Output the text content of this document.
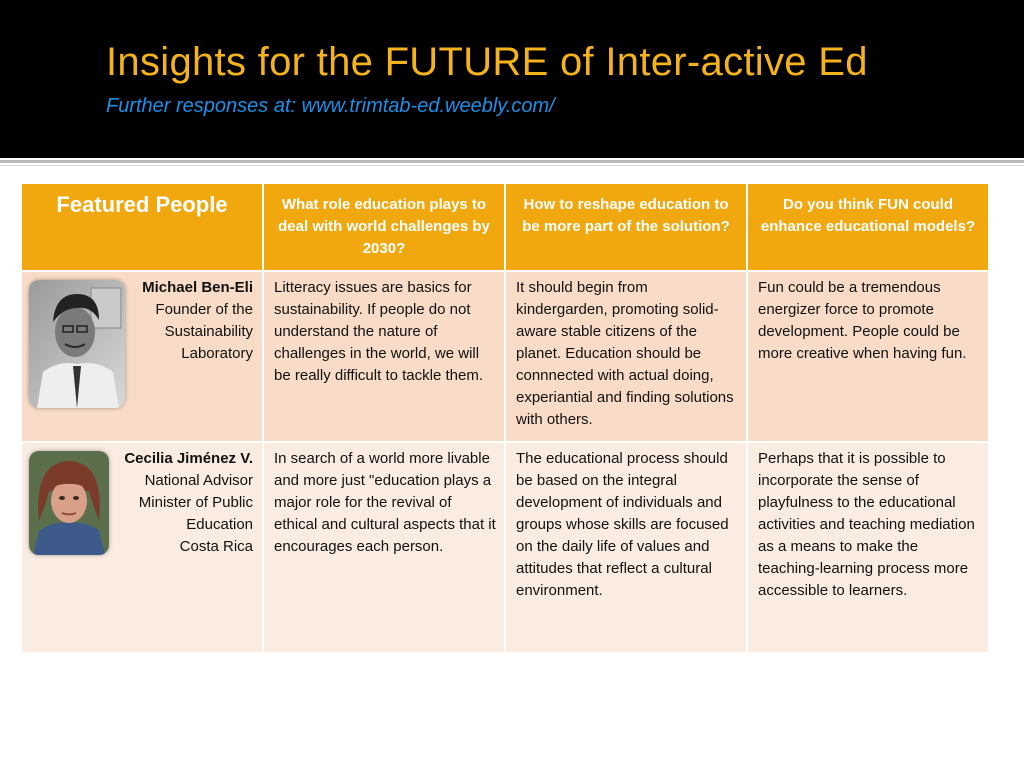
Insights for the FUTURE of Inter-active Ed
Further responses at: www.trimtab-ed.weebly.com/
Featured People	What role education plays to deal with world challenges by 2030?	How to reshape education to be more part of the solution?	Do you think FUN could enhance educational models?

Michael Ben-Eli
Founder of the
Sustainability
Laboratory	Litteracy issues are basics for sustainability. If people do not understand the nature of challenges in the world, we will be really difficult to tackle them.	It should begin from kindergarden, promoting solid-aware stable citizens of the planet. Education should be connnected with actual doing, experiantial and finding solutions with others.	Fun could be a tremendous energizer force to promote development. People could be more creative when having fun.

Cecilia Jiménez V.
National Advisor
Minister of Public
Education
Costa Rica	In search of a world more livable and more just "education plays a major role for the revival of ethical and cultural aspects that it encourages each person.	The educational process should be based on the integral development of individuals and groups whose skills are focused on the daily life of values and attitudes that reflect a cultural environment.	Perhaps that it is possible to incorporate the sense of playfulness to the educational activities and teaching mediation as a means to make the teaching-learning process more accessible to learners.
